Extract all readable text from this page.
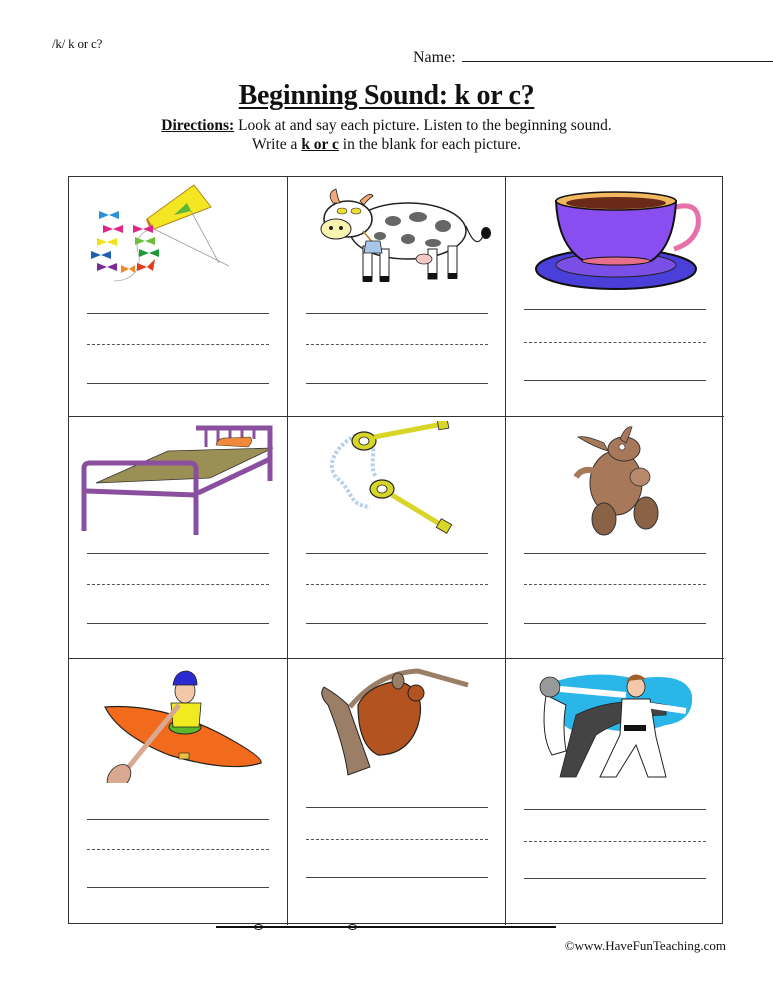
/k/ k or c?
Name:
Beginning Sound: k or c?
Directions: Look at and say each picture. Listen to the beginning sound.
Write a k or c in the blank for each picture.
©www.HaveFunTeaching.com
